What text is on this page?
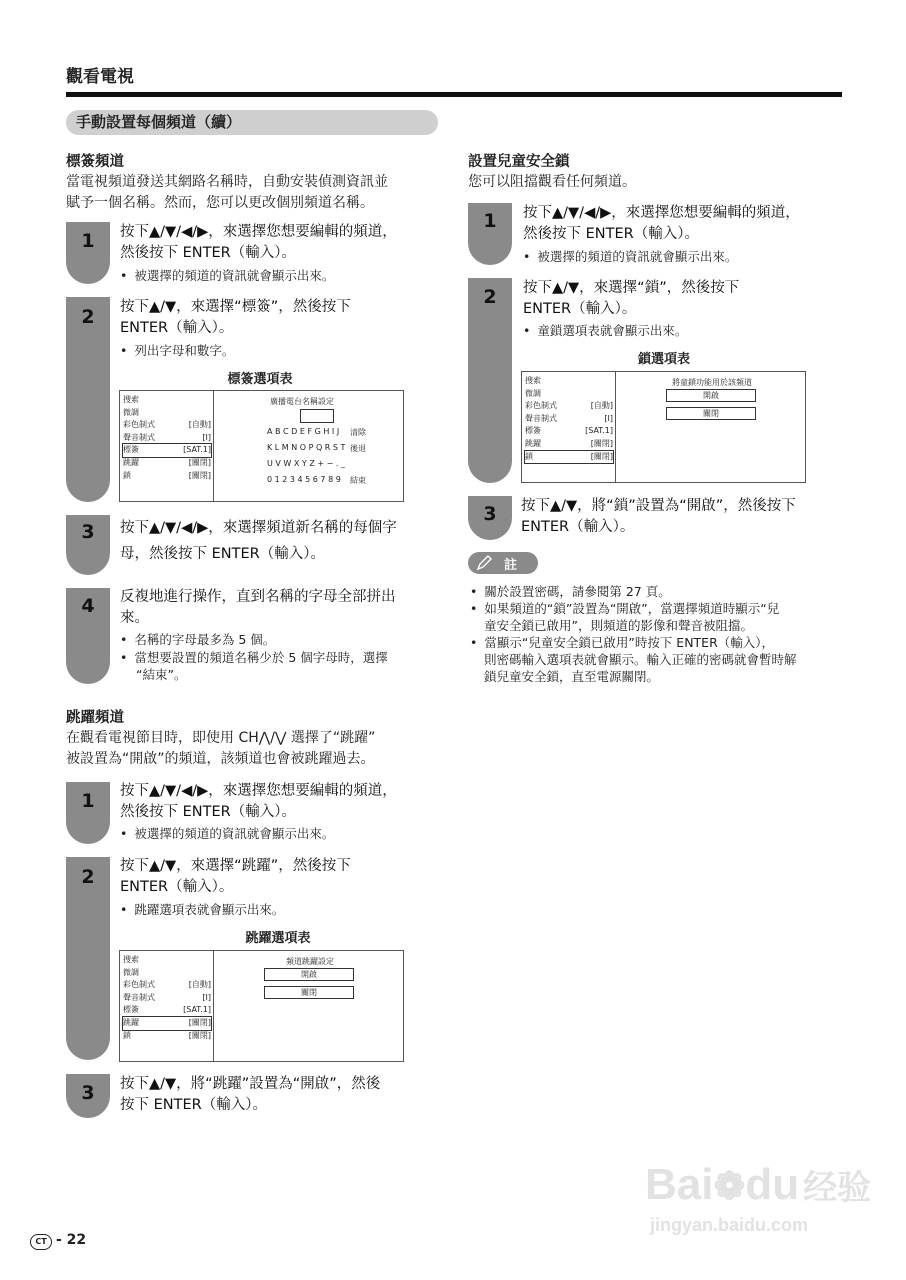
觀看電視
手動設置每個頻道（續）
標簽頻道
當電視頻道發送其網路名稱時，自動安裝偵測資訊並
賦予一個名稱。然而，您可以更改個別頻道名稱。
1	按下▲/▼/◀/▶，來選擇您想要編輯的頻道，
然後按下 ENTER（輸入）。
• 被選擇的頻道的資訊就會顯示出來。
2	按下▲/▼，來選擇“標簽”，然後按下
ENTER（輸入）。
• 列出字母和數字。
標簽選項表
搜索
微調
彩色制式	[自動]
聲音制式	[I]
標簽	[SAT.1]
跳躍	[關閉]
鎖	[關閉]
廣播電台名稱設定
A B C D E F G H I J 清除
K L M N O P Q R S T 後退
U V W X Y Z + − . _
0 1 2 3 4 5 6 7 8 9 結束
3	按下▲/▼/◀/▶，來選擇頻道新名稱的每個字
母，然後按下 ENTER（輸入）。
4	反複地進行操作，直到名稱的字母全部拼出
來。
• 名稱的字母最多為 5 個。
• 當想要設置的頻道名稱少於 5 個字母時，選擇
“結束”。
跳躍頻道
在觀看電視節目時，即使用 CH⋀/⋁ 選擇了“跳躍”
被設置為“開啟”的頻道，該頻道也會被跳躍過去。
1	按下▲/▼/◀/▶，來選擇您想要編輯的頻道，
然後按下 ENTER（輸入）。
• 被選擇的頻道的資訊就會顯示出來。
2	按下▲/▼，來選擇“跳躍”，然後按下
ENTER（輸入）。
• 跳躍選項表就會顯示出來。
跳躍選項表
搜索
微調
彩色制式	[自動]
聲音制式	[I]
標簽	[SAT.1]
跳躍	[關閉]
鎖	[關閉]
頻道跳躍設定
開啟
關閉
3	按下▲/▼，將“跳躍”設置為“開啟”，然後
按下 ENTER（輸入）。
設置兒童安全鎖
您可以阻擋觀看任何頻道。
1	按下▲/▼/◀/▶，來選擇您想要編輯的頻道，
然後按下 ENTER（輸入）。
• 被選擇的頻道的資訊就會顯示出來。
2	按下▲/▼，來選擇“鎖”，然後按下
ENTER（輸入）。
• 童鎖選項表就會顯示出來。
鎖選項表
搜索
微調
彩色制式	[自動]
聲音制式	[I]
標簽	[SAT.1]
跳躍	[關閉]
鎖	[關閉]
將童鎖功能用於該頻道
開啟
關閉
3	按下▲/▼，將“鎖”設置為“開啟”，然後按下
ENTER（輸入）。
註
• 關於設置密碼，請參閱第 27 頁。
• 如果頻道的“鎖”設置為“開啟”，當選擇頻道時顯示“兒
童安全鎖已啟用”，則頻道的影像和聲音被阻擋。
• 當顯示“兒童安全鎖已啟用”時按下 ENTER（輸入），
則密碼輸入選項表就會顯示。輸入正確的密碼就會暫時解
鎖兒童安全鎖，直至電源關閉。
Bai❁du 经验
jingyan.baidu.com
CT - 22
